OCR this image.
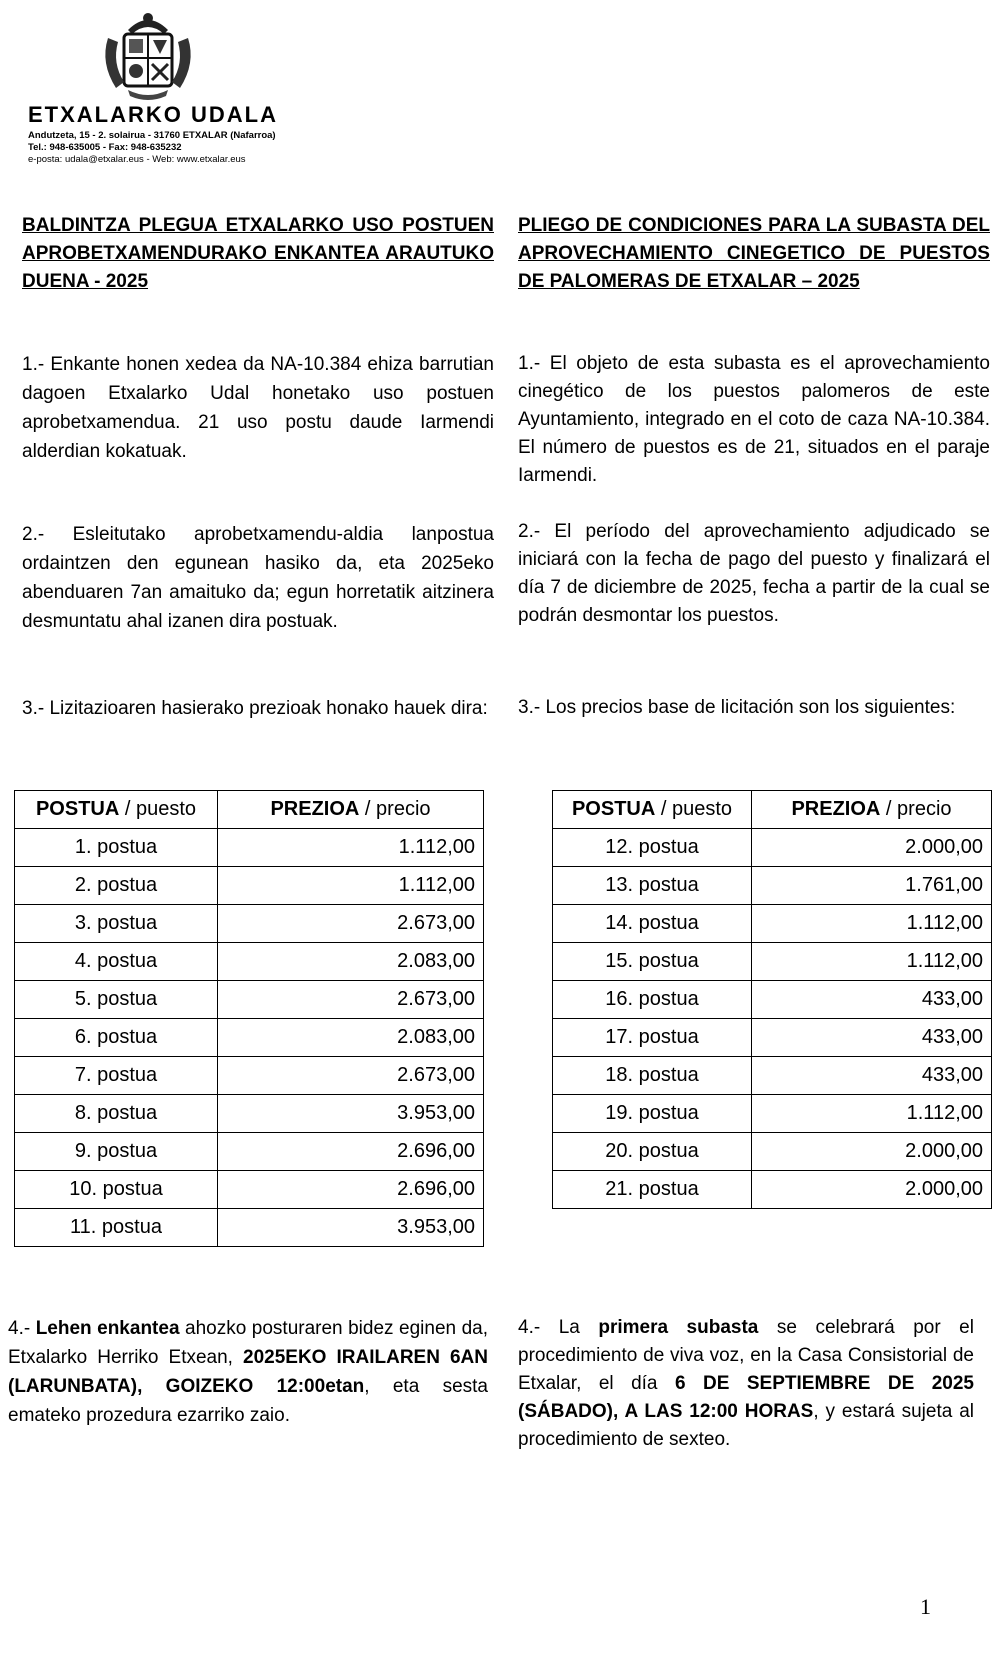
ETXALARKO UDALA
Andutzeta, 15 - 2. solairua - 31760 ETXALAR (Nafarroa)
Tel.: 948-635005 - Fax: 948-635232
e-posta: udala@etxalar.eus - Web: www.etxalar.eus
BALDINTZA PLEGUA ETXALARKO USO POSTUEN APROBETXAMENDURAKO ENKANTEA ARAUTUKO DUENA - 2025
1.- Enkante honen xedea da NA-10.384 ehiza barrutian dagoen Etxalarko Udal honetako uso postuen aprobetxamendua. 21 uso postu daude Iarmendi alderdian kokatuak.
2.- Esleitutako aprobetxamendu-aldia lanpostua ordaintzen den egunean hasiko da, eta 2025eko abenduaren 7an amaituko da; egun horretatik aitzinera desmuntatu ahal izanen dira postuak.
3.- Lizitazioaren hasierako prezioak honako hauek dira:
PLIEGO DE CONDICIONES PARA LA SUBASTA DEL APROVECHAMIENTO CINEGETICO DE PUESTOS DE PALOMERAS DE ETXALAR – 2025
1.- El objeto de esta subasta es el aprovechamiento cinegético de los puestos palomeros de este Ayuntamiento, integrado en el coto de caza NA-10.384. El número de puestos es de 21, situados en el paraje Iarmendi.
2.- El período del aprovechamiento adjudicado se iniciará con la fecha de pago del puesto y finalizará el día 7 de diciembre de 2025, fecha a partir de la cual se podrán desmontar los puestos.
3.- Los precios base de licitación son los siguientes:
POSTUA / puesto	PREZIOA / precio
1. postua	1.112,00
2. postua	1.112,00
3. postua	2.673,00
4. postua	2.083,00
5. postua	2.673,00
6. postua	2.083,00
7. postua	2.673,00
8. postua	3.953,00
9. postua	2.696,00
10. postua	2.696,00
11. postua	3.953,00
POSTUA / puesto	PREZIOA / precio
12. postua	2.000,00
13. postua	1.761,00
14. postua	1.112,00
15. postua	1.112,00
16. postua	433,00
17. postua	433,00
18. postua	433,00
19. postua	1.112,00
20. postua	2.000,00
21. postua	2.000,00
4.- Lehen enkantea ahozko posturaren bidez eginen da, Etxalarko Herriko Etxean, 2025EKO IRAILAREN 6AN (LARUNBATA), GOIZEKO 12:00etan, eta sesta emateko prozedura ezarriko zaio.
4.- La primera subasta se celebrará por el procedimiento de viva voz, en la Casa Consistorial de Etxalar, el día 6 DE SEPTIEMBRE DE 2025 (SÁBADO), A LAS 12:00 HORAS, y estará sujeta al procedimiento de sexteo.
1
